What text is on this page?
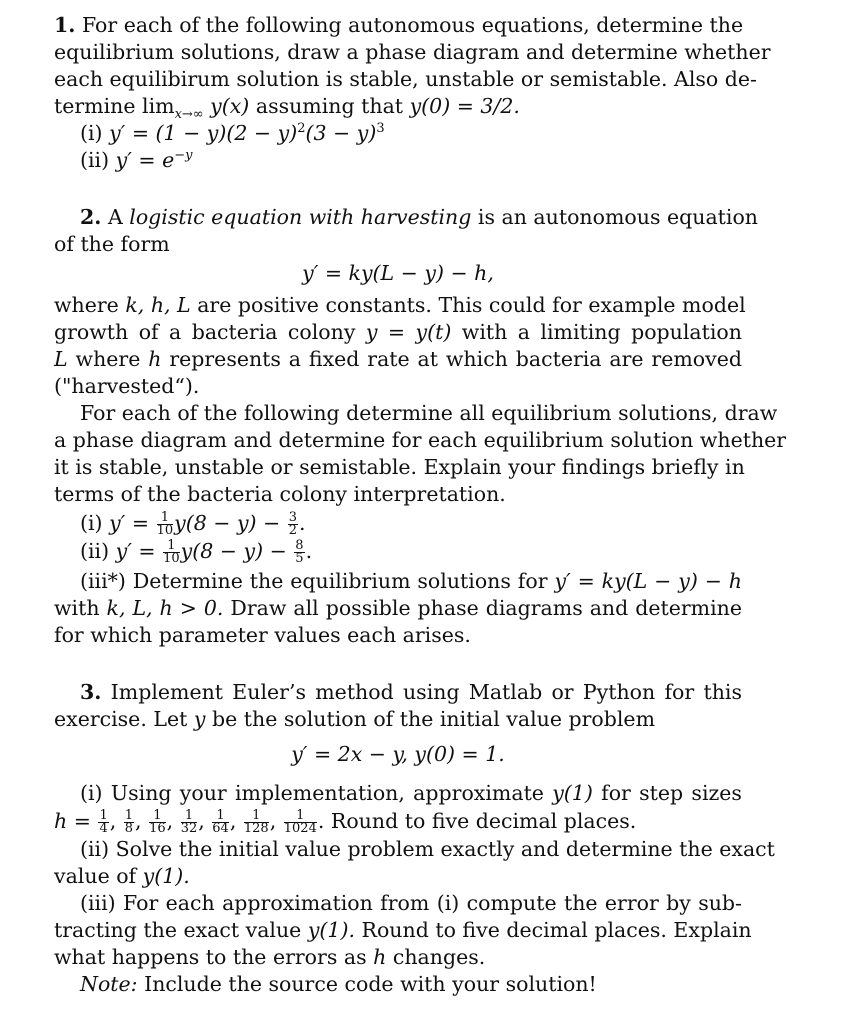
1. For each of the following autonomous equations, determine the
equilibrium solutions, draw a phase diagram and determine whether
each equilibirum solution is stable, unstable or semistable. Also de-
termine $\lim_{x\to\infty} y(x)$ assuming that y(0) = 3/2.
(i) $y' = (1 - y)(2 - y)^2(3 - y)^3$
(ii) $y' = e^{-y}$
2. A logistic equation with harvesting is an autonomous equation
of the form
y′ = ky(L − y) − h,
where k, h, L are positive constants. This could for example model
growth of a bacteria colony y = y(t) with a limiting population
L where h represents a fixed rate at which bacteria are removed
("harvested“).
For each of the following determine all equilibrium solutions, draw
a phase diagram and determine for each equilibrium solution whether
it is stable, unstable or semistable. Explain your findings briefly in
terms of the bacteria colony interpretation.
(i) $y' = \frac{1}{10} y(8 - y) - \frac{3}{2}$ .
(ii) $y' = \frac{1}{10} y(8 - y) - \frac{8}{5}$ .
(iii*) Determine the equilibrium solutions for y′ = ky(L − y) − h
with k, L, h > 0. Draw all possible phase diagrams and determine
for which parameter values each arises.
3. Implement Euler’s method using Matlab or Python for this
exercise. Let y be the solution of the initial value problem
y′ = 2x − y, y(0) = 1.
(i) Using your implementation, approximate y(1) for step sizes
$h = \frac{1}{4}$ , $\frac{1}{8}$ , $\frac{1}{16}$ , $\frac{1}{32}$ , $\frac{1}{64}$ , $\frac{1}{128}$ , $\frac{1}{1024}$ . Round to five decimal places.
(ii) Solve the initial value problem exactly and determine the exact
value of y(1).
(iii) For each approximation from (i) compute the error by sub-
tracting the exact value y(1). Round to five decimal places. Explain
what happens to the errors as h changes.
Note: Include the source code with your solution!
